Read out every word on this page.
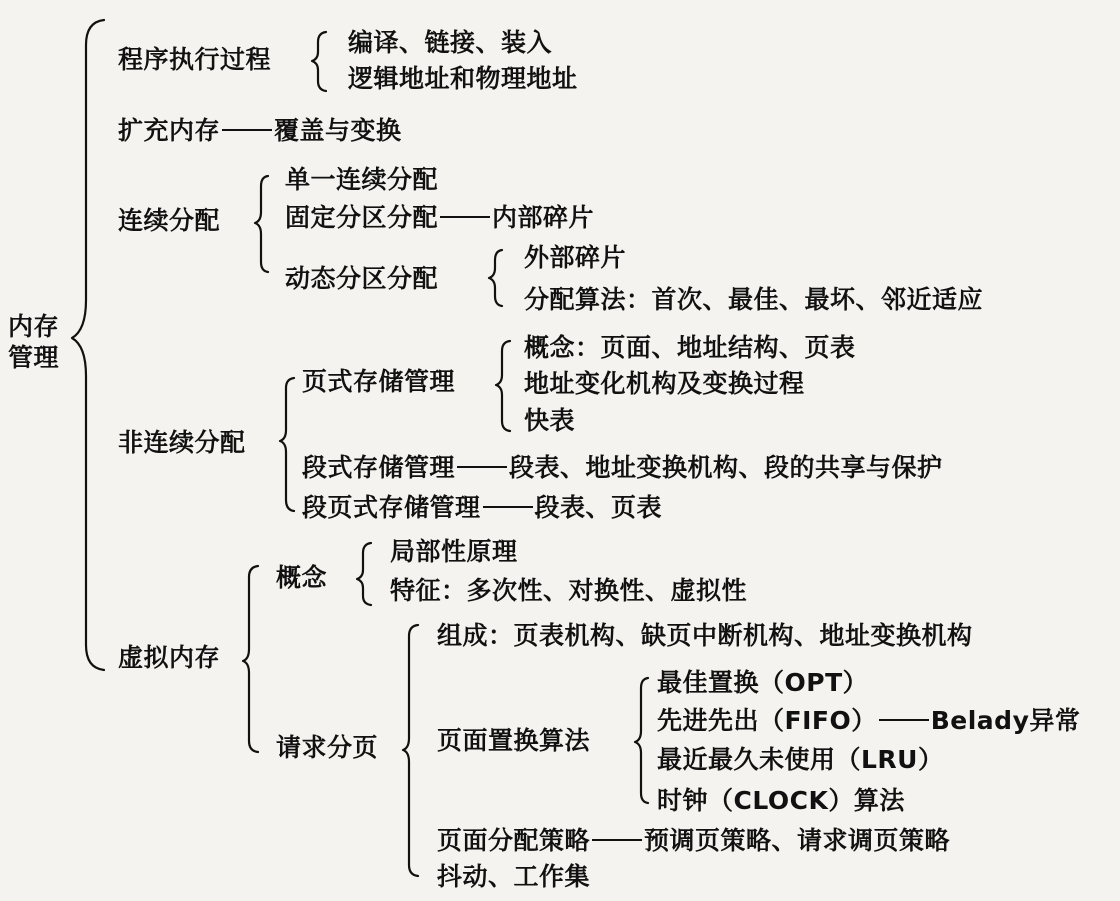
内存
管理
程序执行过程
编译、链接、装入
逻辑地址和物理地址
扩充内存 覆盖与变换
连续分配
单一连续分配
固定分区分配 内部碎片
动态分区分配
外部碎片
分配算法：首次、最佳、最坏、邻近适应
非连续分配
页式存储管理
概念：页面、地址结构、页表
地址变化机构及变换过程
快表
段式存储管理 段表、地址变换机构、段的共享与保护
段页式存储管理 段表、页表
虚拟内存
概念
局部性原理
特征：多次性、对换性、虚拟性
请求分页
组成：页表机构、缺页中断机构、地址变换机构
页面置换算法
最佳置换（OPT）
先进先出（FIFO） Belady异常
最近最久未使用（LRU）
时钟（CLOCK）算法
页面分配策略 预调页策略、请求调页策略
抖动、工作集
